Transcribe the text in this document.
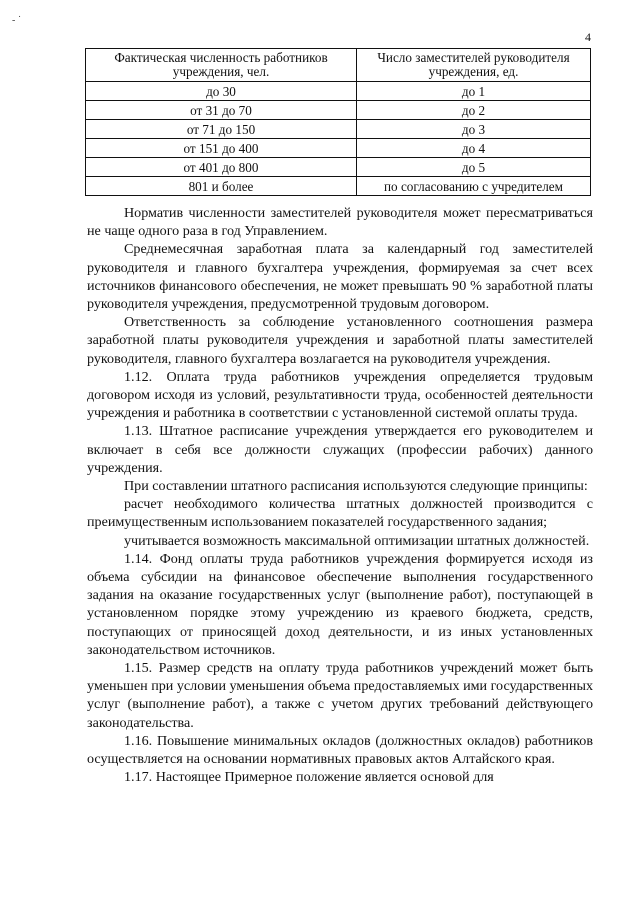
‐ ˙
4
Фактическая численность работников учреждения, чел.	Число заместителей руководителя учреждения, ед.
до 30	до 1
от 31 до 70	до 2
от 71 до 150	до 3
от 151 до 400	до 4
от 401 до 800	до 5
801 и более	по согласованию с учредителем

Норматив численности заместителей руководителя может пересматриваться не чаще одного раза в год Управлением.

Среднемесячная заработная плата за календарный год заместителей руководителя и главного бухгалтера учреждения, формируемая за счет всех источников финансового обеспечения, не может превышать 90 % заработной платы руководителя учреждения, предусмотренной трудовым договором.

Ответственность за соблюдение установленного соотношения размера заработной платы руководителя учреждения и заработной платы заместителей руководителя, главного бухгалтера возлагается на руководителя учреждения.

1.12. Оплата труда работников учреждения определяется трудовым договором исходя из условий, результативности труда, особенностей деятельности учреждения и работника в соответствии с установленной системой оплаты труда.

1.13. Штатное расписание учреждения утверждается его руководителем и включает в себя все должности служащих (профессии рабочих) данного учреждения.

При составлении штатного расписания используются следующие принципы:

расчет необходимого количества штатных должностей производится с преимущественным использованием показателей государственного задания;

учитывается возможность максимальной оптимизации штатных должностей.

1.14. Фонд оплаты труда работников учреждения формируется исходя из объема субсидии на финансовое обеспечение выполнения государственного задания на оказание государственных услуг (выполнение работ), поступающей в установленном порядке этому учреждению из краевого бюджета, средств, поступающих от приносящей доход деятельности, и из иных установленных законодательством источников.

1.15. Размер средств на оплату труда работников учреждений может быть уменьшен при условии уменьшения объема предоставляемых ими государственных услуг (выполнение работ), а также с учетом других требований действующего законодательства.

1.16. Повышение минимальных окладов (должностных окладов) работников осуществляется на основании нормативных правовых актов Алтайского края.

1.17. Настоящее Примерное положение является основой для
